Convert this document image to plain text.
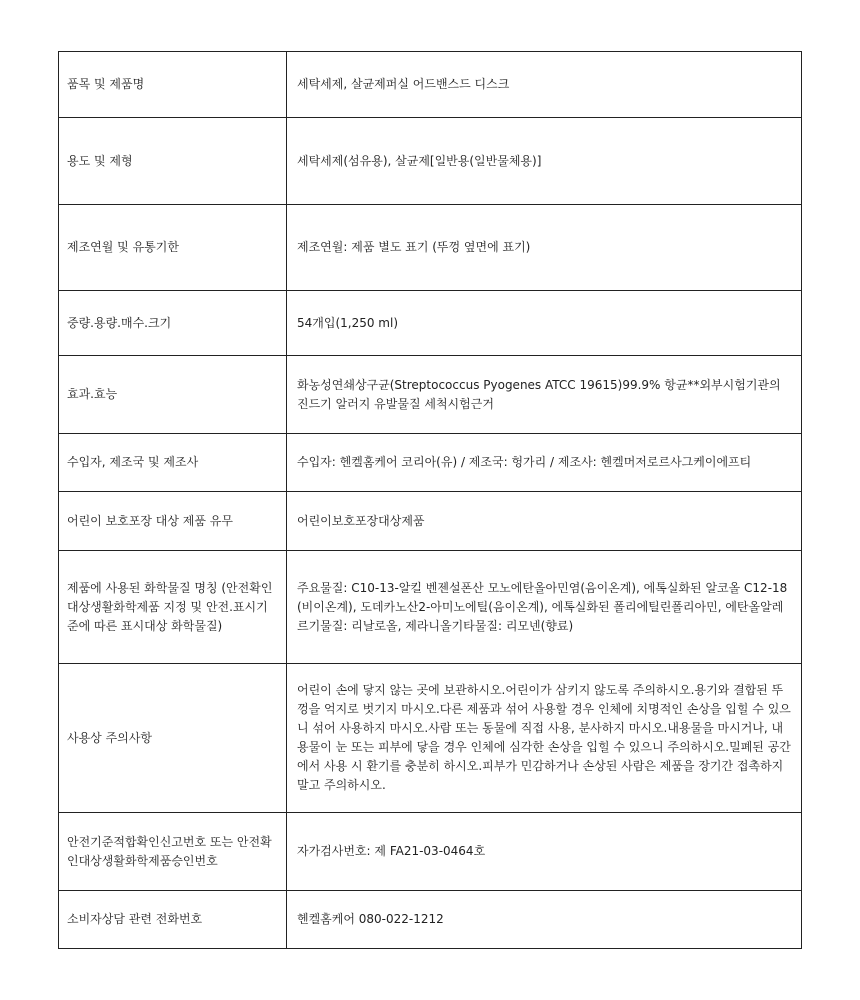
품목 및 제품명	세탁세제, 살균제퍼실 어드밴스드 디스크
용도 및 제형	세탁세제(섬유용), 살균제[일반용(일반물체용)]
제조연월 및 유통기한	제조연월: 제품 별도 표기 (뚜껑 옆면에 표기)
중량.용량.매수.크기	54개입(1,250 ml)
효과.효능	화농성연쇄상구균(Streptococcus Pyogenes ATCC 19615)99.9% 항균**외부시험기관의 진드기 알러지 유발물질 세척시험근거
수입자, 제조국 및 제조사	수입자: 헨켈홈케어 코리아(유) / 제조국: 헝가리 / 제조사: 헨켈머저로르사그케이에프티
어린이 보호포장 대상 제품 유무	어린이보호포장대상제품
제품에 사용된 화학물질 명칭 (안전확인대상생활화학제품 지정 및 안전.표시기준에 따른 표시대상 화학물질)	주요물질: C10-13-알킬 벤젠설폰산 모노에탄올아민염(음이온계), 에톡실화된 알코올 C12-18(비이온계), 도데카노산2-아미노에틸(음이온계), 에톡실화된 폴리에틸린폴리아민, 에탄올알레르기물질: 리날로올, 제라니올기타물질: 리모넨(향료)
사용상 주의사항	어린이 손에 닿지 않는 곳에 보관하시오.어린이가 삼키지 않도록 주의하시오.용기와 결합된 뚜껑을 억지로 벗기지 마시오.다른 제품과 섞어 사용할 경우 인체에 치명적인 손상을 입힐 수 있으니 섞어 사용하지 마시오.사람 또는 동물에 직접 사용, 분사하지 마시오.내용물을 마시거나, 내용물이 눈 또는 피부에 닿을 경우 인체에 심각한 손상을 입힐 수 있으니 주의하시오.밀폐된 공간에서 사용 시 환기를 충분히 하시오.피부가 민감하거나 손상된 사람은 제품을 장기간 접촉하지 말고 주의하시오.
안전기준적합확인신고번호 또는 안전확인대상생활화학제품승인번호	자가검사번호: 제 FA21-03-0464호
소비자상담 관련 전화번호	헨켈홈케어 080-022-1212
